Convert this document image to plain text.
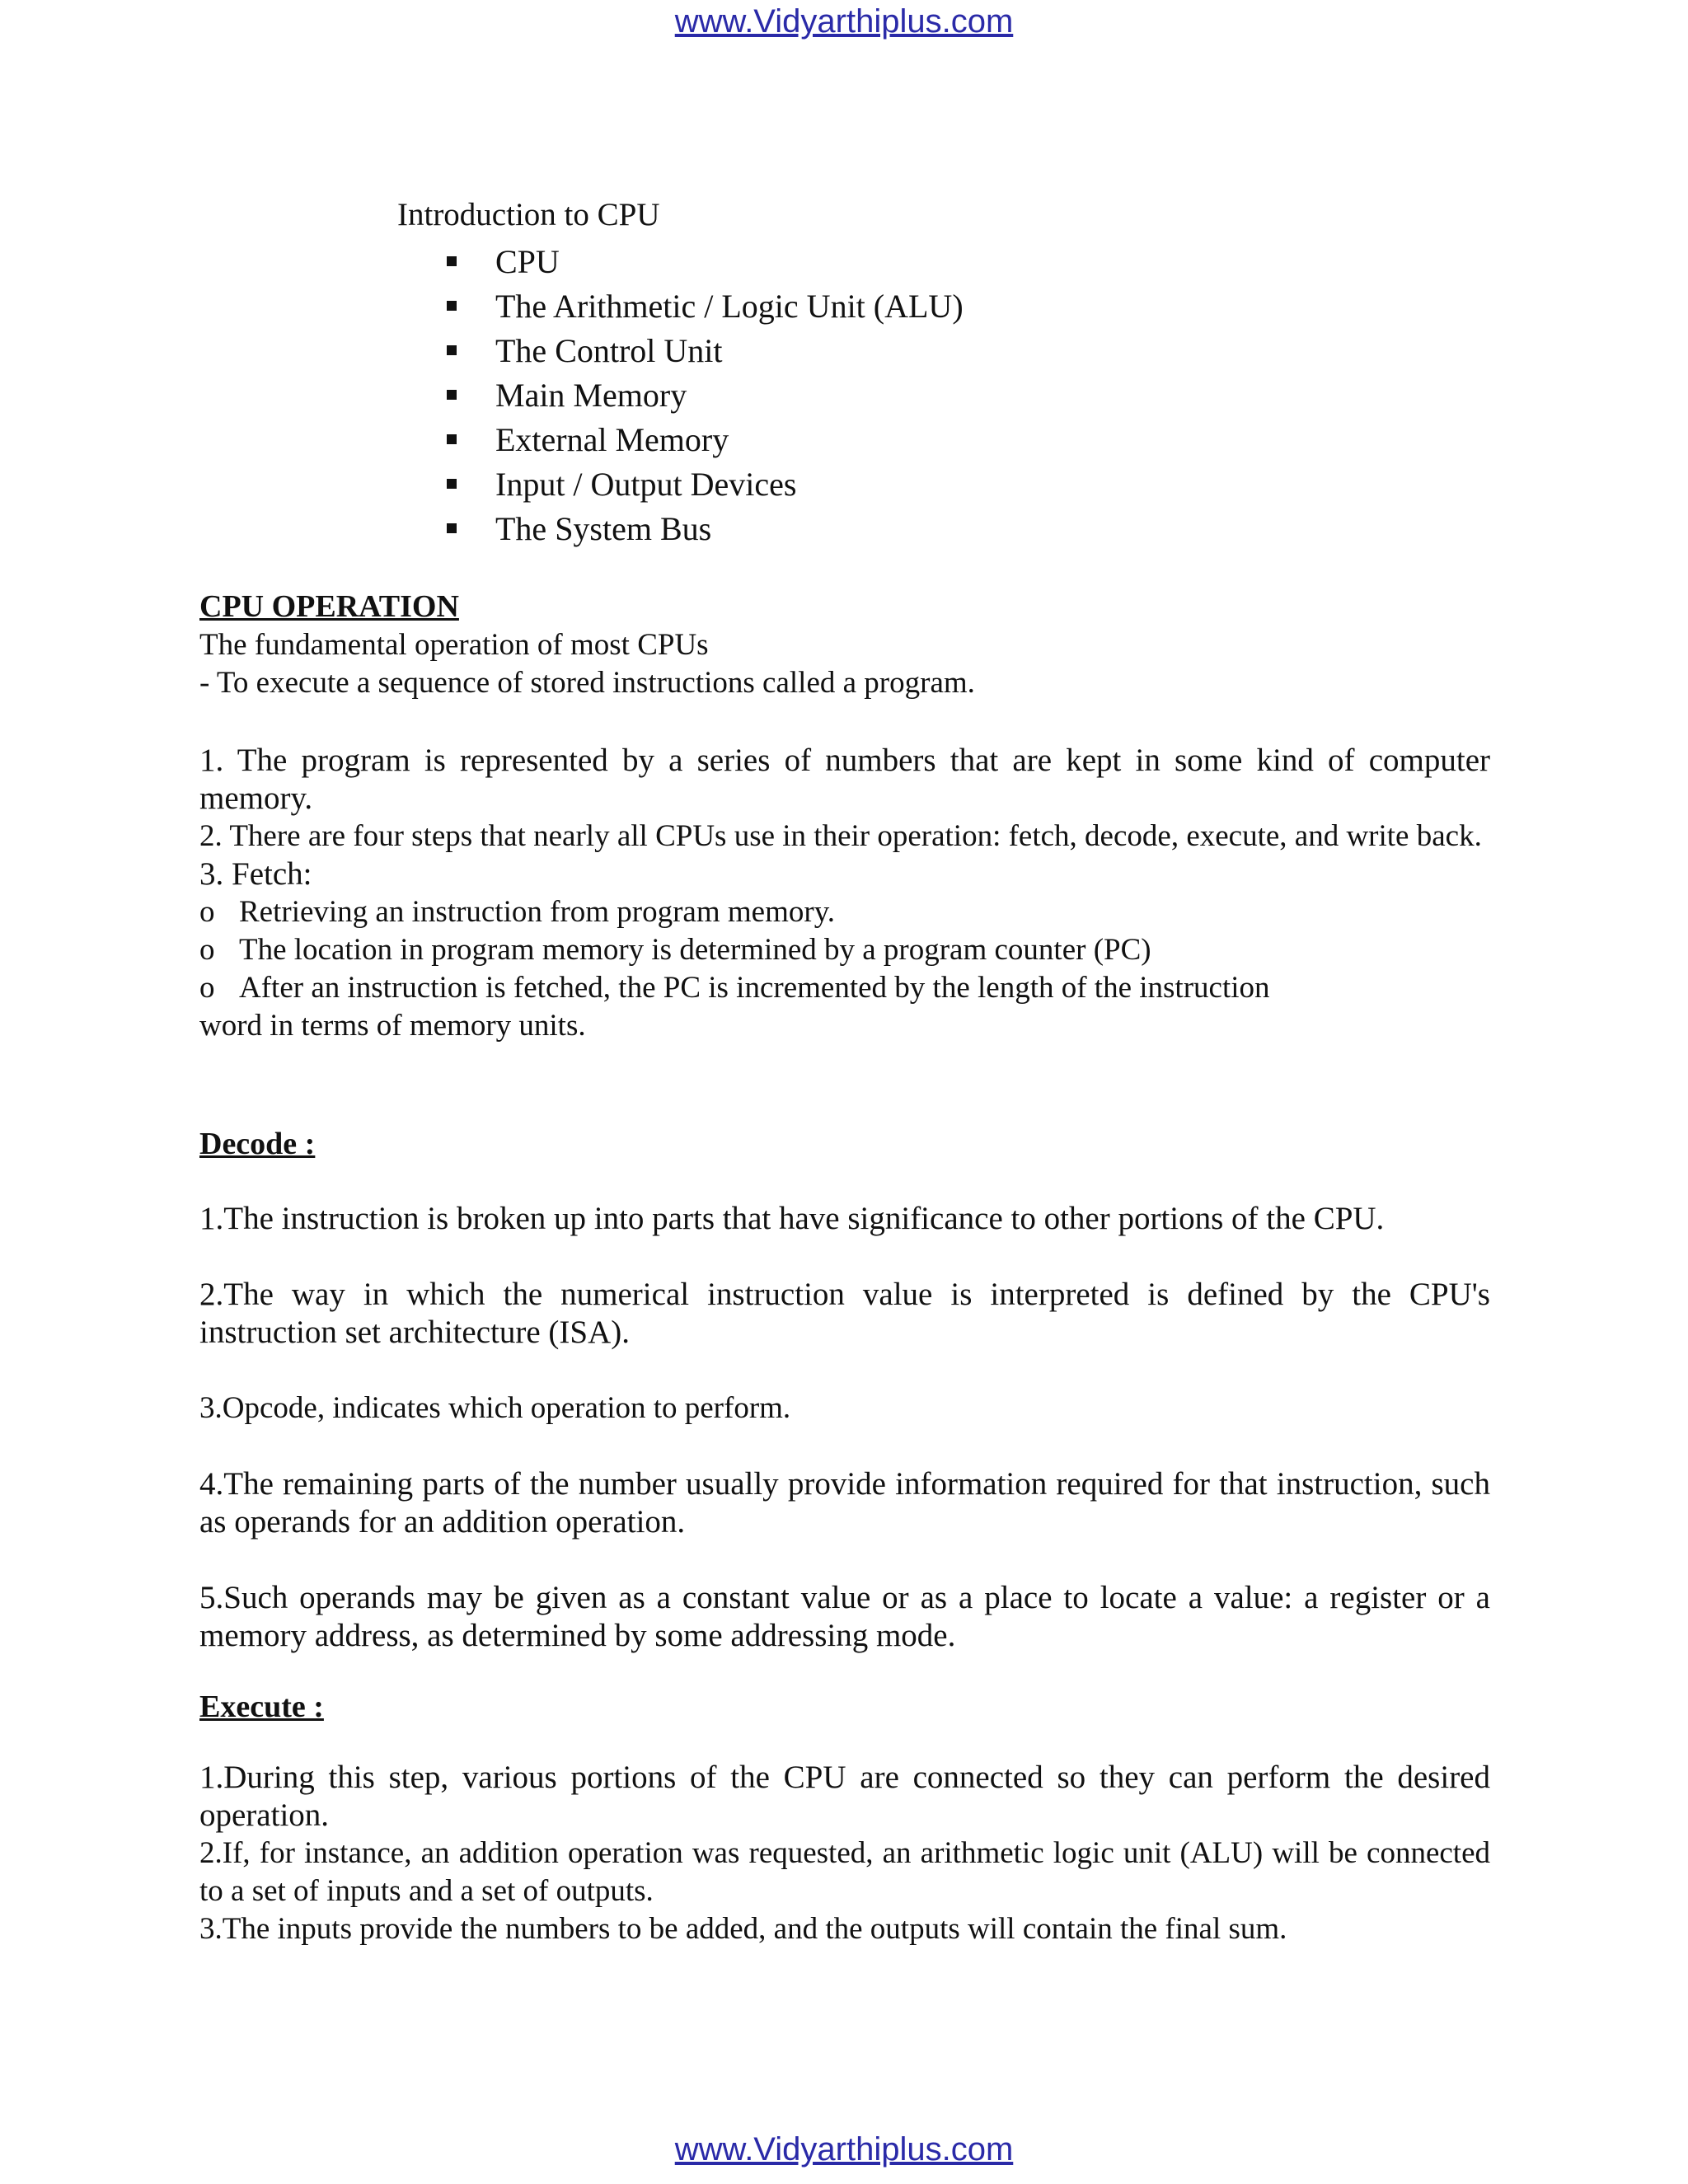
www.Vidyarthiplus.com
Introduction to CPU
CPU
The Arithmetic / Logic Unit (ALU)
The Control Unit
Main Memory
External Memory
Input / Output Devices
The System Bus
CPU OPERATION

The fundamental operation of most CPUs

- To execute a sequence of stored instructions called a program.

1. The program is represented by a series of numbers that are kept in some kind of computer memory.

2. There are four steps that nearly all CPUs use in their operation: fetch, decode, execute, and write back.

3. Fetch:

o Retrieving an instruction from program memory.

o The location in program memory is determined by a program counter (PC)

o After an instruction is fetched, the PC is incremented by the length of the instruction

word in terms of memory units.

Decode :
1.The instruction is broken up into parts that have significance to other portions of the CPU.
2.The way in which the numerical instruction value is interpreted is defined by the CPU's instruction set architecture (ISA).
3.Opcode, indicates which operation to perform.
4.The remaining parts of the number usually provide information required for that instruction, such as operands for an addition operation.
5.Such operands may be given as a constant value or as a place to locate a value: a register or a memory address, as determined by some addressing mode.
Execute :

1.During this step, various portions of the CPU are connected so they can perform the desired operation.

2.If, for instance, an addition operation was requested, an arithmetic logic unit (ALU) will be connected to a set of inputs and a set of outputs.

3.The inputs provide the numbers to be added, and the outputs will contain the final sum.

www.Vidyarthiplus.com
